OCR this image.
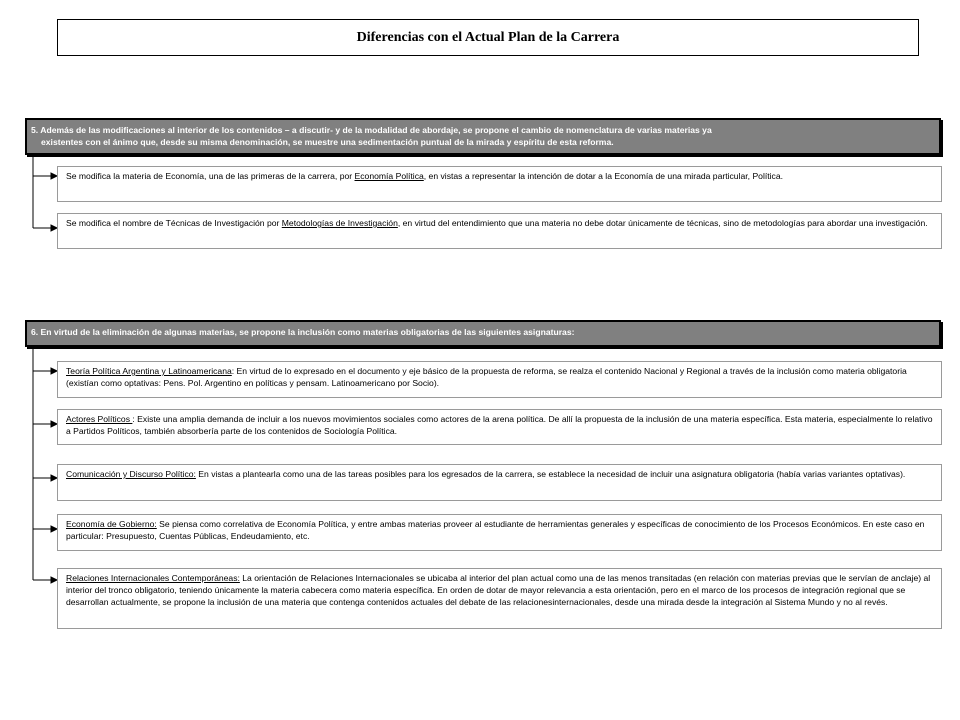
Diferencias con el Actual Plan de la Carrera
5. Además de las modificaciones al interior de los contenidos – a discutir- y de la modalidad de abordaje, se propone el cambio de nomenclatura de varias materias ya
existentes con el ánimo que, desde su misma denominación, se muestre una sedimentación puntual de la mirada y espíritu de esta reforma.
Se modifica la materia de Economía, una de las primeras de la carrera, por Economía Política, en vistas a representar la intención de dotar a la Economía de una mirada particular, Política.
Se modifica el nombre de Técnicas de Investigación por Metodologías de Investigación, en virtud del entendimiento que una materia no debe dotar únicamente de técnicas, sino de metodologías para abordar una investigación.
6. En virtud de la eliminación de algunas materias, se propone la inclusión como materias obligatorias de las siguientes asignaturas:
Teoría Política Argentina y Latinoamericana: En virtud de lo expresado en el documento y eje básico de la propuesta de reforma, se realza el contenido Nacional y Regional a través de la inclusión como materia obligatoria (existían como optativas: Pens. Pol. Argentino en políticas y pensam. Latinoamericano por Socio).
Actores Políticos : Existe una amplia demanda de incluir a los nuevos movimientos sociales como actores de la arena política. De allí la propuesta de la inclusión de una materia específica. Esta materia, especialmente lo relativo a Partidos Políticos, también absorbería parte de los contenidos de Sociología Política.
Comunicación y Discurso Político: En vistas a plantearla como una de las tareas posibles para los egresados de la carrera, se establece la necesidad de incluir una asignatura obligatoria (había varias variantes optativas).
Economía de Gobierno: Se piensa como correlativa de Economía Política, y entre ambas materias proveer al estudiante de herramientas generales y específicas de conocimiento de los Procesos Económicos. En este caso en particular: Presupuesto, Cuentas Públicas, Endeudamiento, etc.
Relaciones Internacionales Contemporáneas: La orientación de Relaciones Internacionales se ubicaba al interior del plan actual como una de las menos transitadas (en relación con materias previas que le servían de anclaje) al interior del tronco obligatorio, teniendo únicamente la materia cabecera como materia específica. En orden de dotar de mayor relevancia a esta orientación, pero en el marco de los procesos de integración regional que se desarrollan actualmente, se propone la inclusión de una materia que contenga contenidos actuales del debate de las relacionesinternacionales, desde una mirada desde la integración al Sistema Mundo y no al revés.
